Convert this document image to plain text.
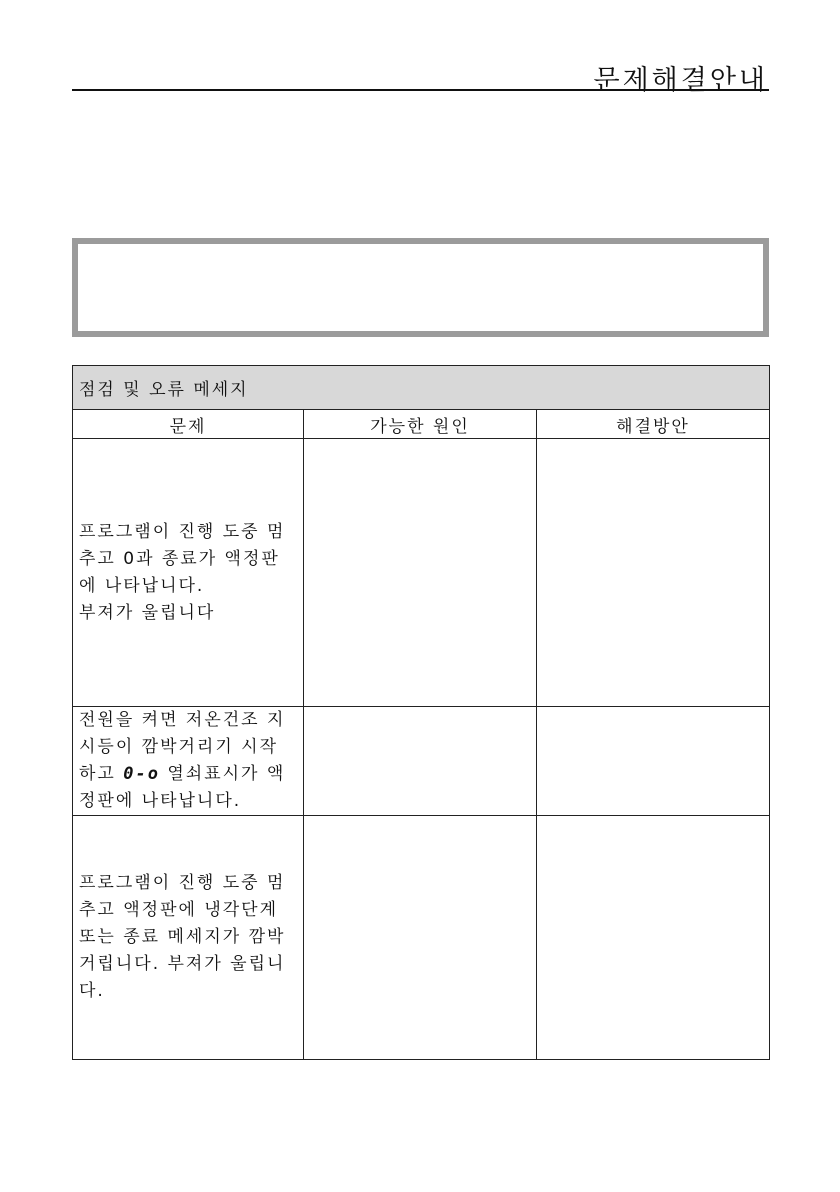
문제해결안내
점검 및 오류 메세지		
문제	가능한 원인	해결방안

프로그램이 진행 도중 멈
추고 0과 종료가 액정판
에 나타납니다.
부져가 울립니다		

전원을 켜면 저온건조 지
시등이 깜박거리기 시작
하고 0-o 열쇠표시가 액
정판에 나타납니다.		

프로그램이 진행 도중 멈
추고 액정판에 냉각단계
또는 종료 메세지가 깜박
거립니다. 부져가 울립니
다.		
